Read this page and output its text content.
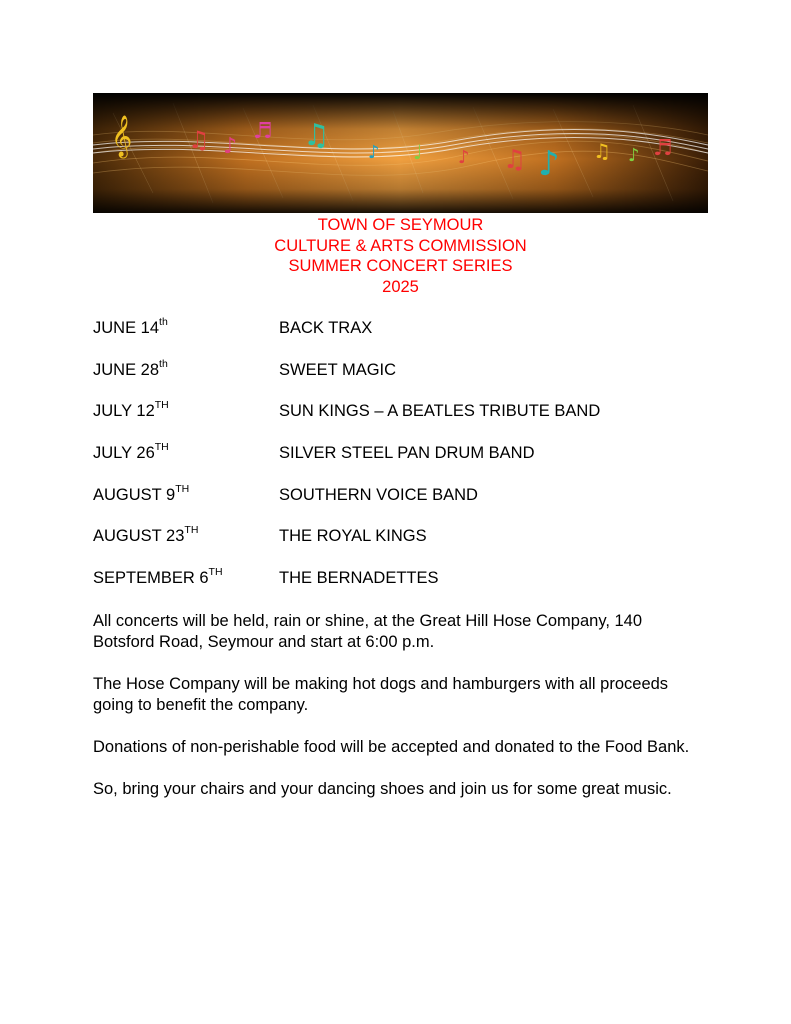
𝄞 ♫ ♪
♬ ♫ ♪ ♩ ♪ ♫ ♪ ♫ ♪ ♬
TOWN OF SEYMOUR
CULTURE & ARTS COMMISSION
SUMMER CONCERT SERIES
2025
JUNE 14th	BACK TRAX
JUNE 28th	SWEET MAGIC
JULY 12TH	SUN KINGS – A BEATLES TRIBUTE BAND
JULY 26TH	SILVER STEEL PAN DRUM BAND
AUGUST 9TH	SOUTHERN VOICE BAND
AUGUST 23TH	THE ROYAL KINGS
SEPTEMBER 6TH	THE BERNADETTES

All concerts will be held, rain or shine, at the Great Hill Hose Company, 140 Botsford Road, Seymour and start at 6:00 p.m.

The Hose Company will be making hot dogs and hamburgers with all proceeds going to benefit the company.

Donations of non-perishable food will be accepted and donated to the Food Bank.

So, bring your chairs and your dancing shoes and join us for some great music.
